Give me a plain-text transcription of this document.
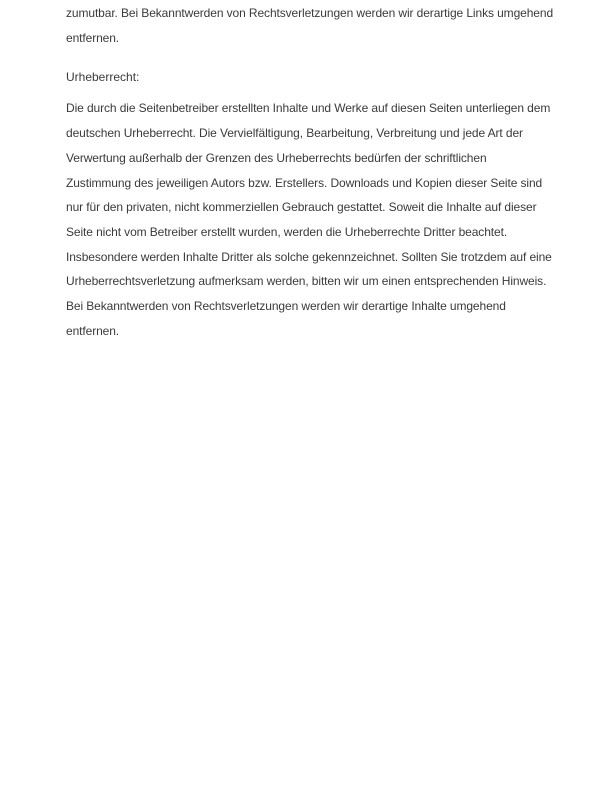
zumutbar. Bei Bekanntwerden von Rechtsverletzungen werden wir derartige Links umgehend
entfernen.

Urheberrecht:

Die durch die Seitenbetreiber erstellten Inhalte und Werke auf diesen Seiten unterliegen dem
deutschen Urheberrecht. Die Vervielfältigung, Bearbeitung, Verbreitung und jede Art der
Verwertung außerhalb der Grenzen des Urheberrechts bedürfen der schriftlichen
Zustimmung des jeweiligen Autors bzw. Erstellers. Downloads und Kopien dieser Seite sind
nur für den privaten, nicht kommerziellen Gebrauch gestattet. Soweit die Inhalte auf dieser
Seite nicht vom Betreiber erstellt wurden, werden die Urheberrechte Dritter beachtet.
Insbesondere werden Inhalte Dritter als solche gekennzeichnet. Sollten Sie trotzdem auf eine
Urheberrechtsverletzung aufmerksam werden, bitten wir um einen entsprechenden Hinweis.
Bei Bekanntwerden von Rechtsverletzungen werden wir derartige Inhalte umgehend
entfernen.
